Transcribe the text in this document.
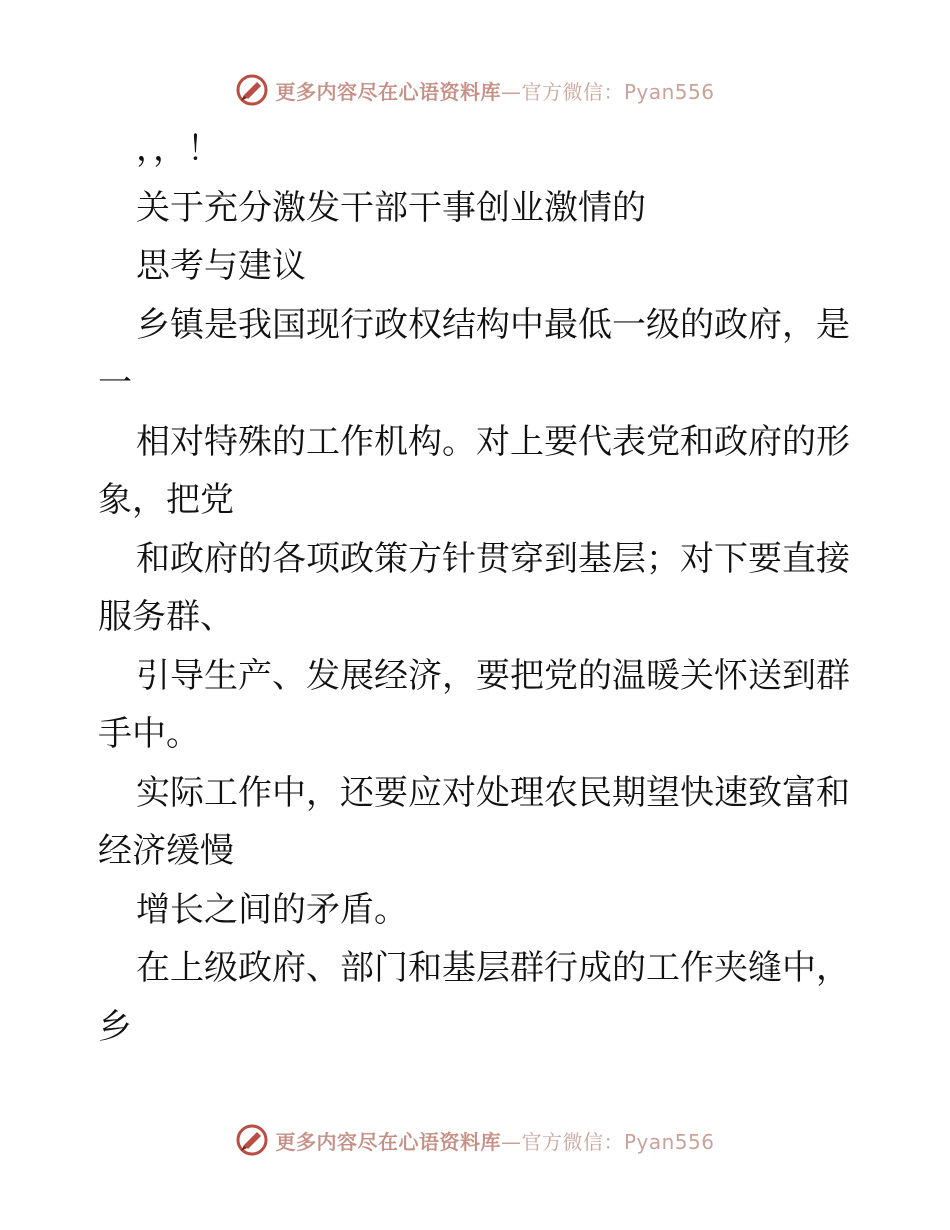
更多内容尽在心语资料库—官方微信：Pyan556
，，！
关于充分激发干部干事创业激情的
思考与建议
乡镇是我国现行政权结构中最低一级的政府，是
一
相对特殊的工作机构。对上要代表党和政府的形
象，把党
和政府的各项政策方针贯穿到基层；对下要直接
服务群、
引导生产、发展经济，要把党的温暖关怀送到群
手中。
实际工作中，还要应对处理农民期望快速致富和
经济缓慢
增长之间的矛盾。
在上级政府、部门和基层群行成的工作夹缝中，
乡
更多内容尽在心语资料库—官方微信：Pyan556
